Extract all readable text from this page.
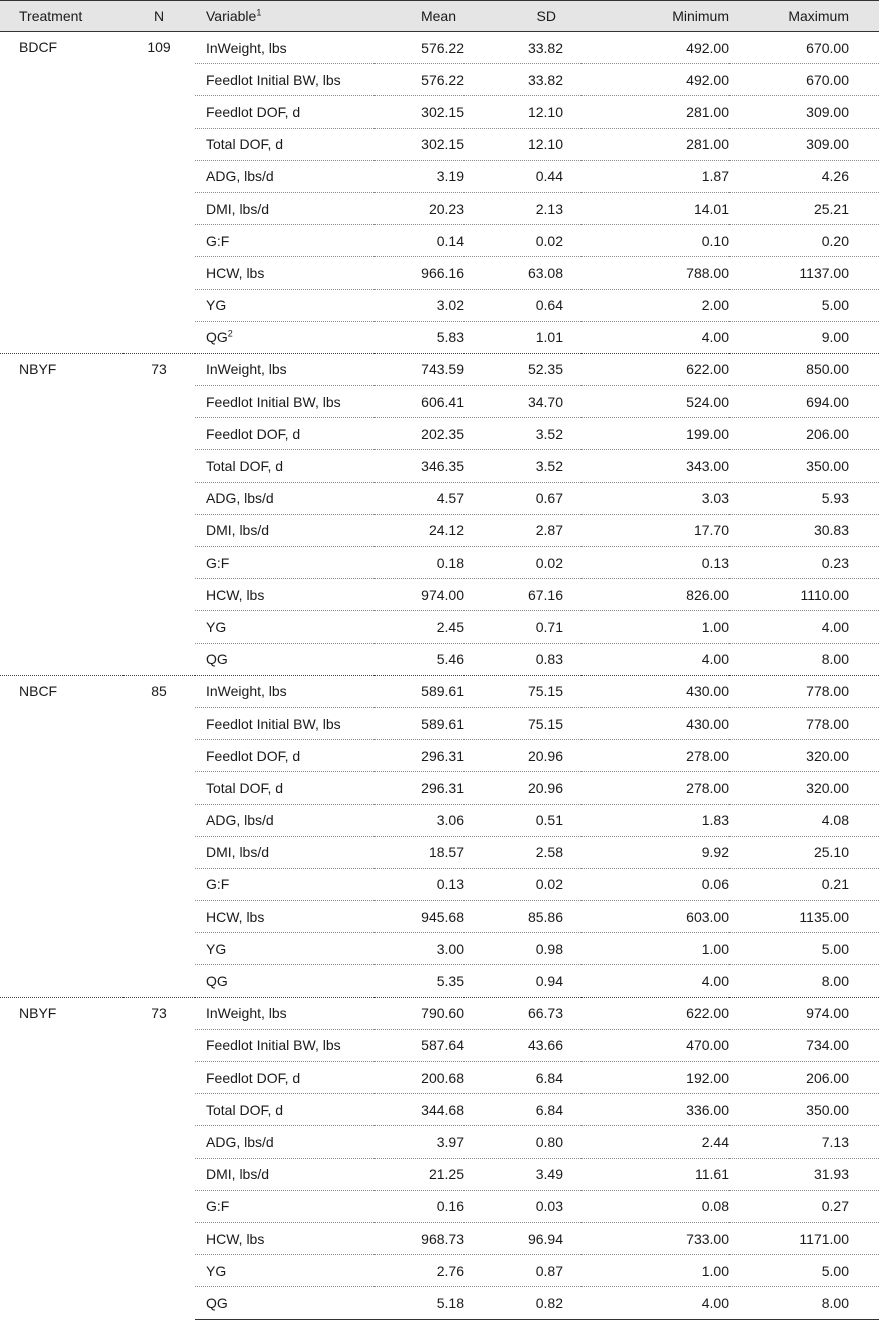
Treatment	N	Variable$^1$	Mean	SD	Minimum	Maximum
BDCF	109	InWeight, lbs	576.22	33.82	492.00	670.00
		Feedlot Initial BW, lbs	576.22	33.82	492.00	670.00
		Feedlot DOF, d	302.15	12.10	281.00	309.00
		Total DOF, d	302.15	12.10	281.00	309.00
		ADG, lbs/d	3.19	0.44	1.87	4.26
		DMI, lbs/d	20.23	2.13	14.01	25.21
		G:F	0.14	0.02	0.10	0.20
		HCW, lbs	966.16	63.08	788.00	1137.00
		YG	3.02	0.64	2.00	5.00
		$QG^2$	5.83	1.01	4.00	9.00
NBYF	73	InWeight, lbs	743.59	52.35	622.00	850.00
		Feedlot Initial BW, lbs	606.41	34.70	524.00	694.00
		Feedlot DOF, d	202.35	3.52	199.00	206.00
		Total DOF, d	346.35	3.52	343.00	350.00
		ADG, lbs/d	4.57	0.67	3.03	5.93
		DMI, lbs/d	24.12	2.87	17.70	30.83
		G:F	0.18	0.02	0.13	0.23
		HCW, lbs	974.00	67.16	826.00	1110.00
		YG	2.45	0.71	1.00	4.00
		QG	5.46	0.83	4.00	8.00
NBCF	85	InWeight, lbs	589.61	75.15	430.00	778.00
		Feedlot Initial BW, lbs	589.61	75.15	430.00	778.00
		Feedlot DOF, d	296.31	20.96	278.00	320.00
		Total DOF, d	296.31	20.96	278.00	320.00
		ADG, lbs/d	3.06	0.51	1.83	4.08
		DMI, lbs/d	18.57	2.58	9.92	25.10
		G:F	0.13	0.02	0.06	0.21
		HCW, lbs	945.68	85.86	603.00	1135.00
		YG	3.00	0.98	1.00	5.00
		QG	5.35	0.94	4.00	8.00
NBYF	73	InWeight, lbs	790.60	66.73	622.00	974.00
		Feedlot Initial BW, lbs	587.64	43.66	470.00	734.00
		Feedlot DOF, d	200.68	6.84	192.00	206.00
		Total DOF, d	344.68	6.84	336.00	350.00
		ADG, lbs/d	3.97	0.80	2.44	7.13
		DMI, lbs/d	21.25	3.49	11.61	31.93
		G:F	0.16	0.03	0.08	0.27
		HCW, lbs	968.73	96.94	733.00	1171.00
		YG	2.76	0.87	1.00	5.00
		QG	5.18	0.82	4.00	8.00
